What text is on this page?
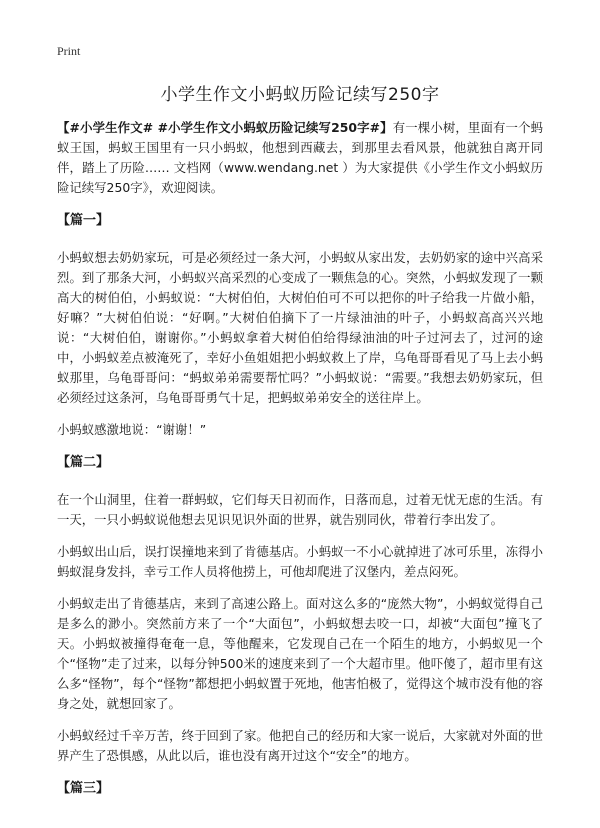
Print
小学生作文小蚂蚁历险记续写250字

【#小学生作文# #小学生作文小蚂蚁历险记续写250字#】有一棵小树，里面有一个蚂蚁王国，蚂蚁王国里有一只小蚂蚁，他想到西藏去，到那里去看风景，他就独自离开同伴，踏上了历险…… 文档网（www.wendang.net ）为大家提供《小学生作文小蚂蚁历险记续写250字》，欢迎阅读。

【篇一】

小蚂蚁想去奶奶家玩，可是必须经过一条大河，小蚂蚁从家出发，去奶奶家的途中兴高采烈。到了那条大河，小蚂蚁兴高采烈的心变成了一颗焦急的心。突然，小蚂蚁发现了一颗高大的树伯伯，小蚂蚁说：“大树伯伯，大树伯伯可不可以把你的叶子给我一片做小船，好嘛？”大树伯伯说：“好啊。”大树伯伯摘下了一片绿油油的叶子，小蚂蚁高高兴兴地说：“大树伯伯，谢谢你。”小蚂蚁拿着大树伯伯给得绿油油的叶子过河去了，过河的途中，小蚂蚁差点被淹死了，幸好小鱼姐姐把小蚂蚁救上了岸，乌龟哥哥看见了马上去小蚂蚁那里，乌龟哥哥问：“蚂蚁弟弟需要帮忙吗？”小蚂蚁说：“需要。”我想去奶奶家玩，但必须经过这条河，乌龟哥哥勇气十足，把蚂蚁弟弟安全的送往岸上。

小蚂蚁感激地说：“谢谢！”

【篇二】

在一个山洞里，住着一群蚂蚁，它们每天日初而作，日落而息，过着无忧无虑的生活。有一天，一只小蚂蚁说他想去见识见识外面的世界，就告别同伙，带着行李出发了。

小蚂蚁出山后，误打误撞地来到了肯德基店。小蚂蚁一不小心就掉进了冰可乐里，冻得小蚂蚁混身发抖，幸亏工作人员将他捞上，可他却爬进了汉堡内，差点闷死。

小蚂蚁走出了肯德基店，来到了高速公路上。面对这么多的“庞然大物”，小蚂蚁觉得自己是多么的渺小。突然前方来了一个“大面包”，小蚂蚁想去咬一口，却被“大面包”撞飞了天。小蚂蚁被撞得奄奄一息，等他醒来，它发现自己在一个陌生的地方，小蚂蚁见一个个“怪物”走了过来，以每分钟500米的速度来到了一个大超市里。他吓傻了，超市里有这么多“怪物”，每个“怪物”都想把小蚂蚁置于死地，他害怕极了，觉得这个城市没有他的容身之处，就想回家了。

小蚂蚁经过千辛万苦，终于回到了家。他把自己的经历和大家一说后，大家就对外面的世界产生了恐惧感，从此以后，谁也没有离开过这个“安全”的地方。

【篇三】
